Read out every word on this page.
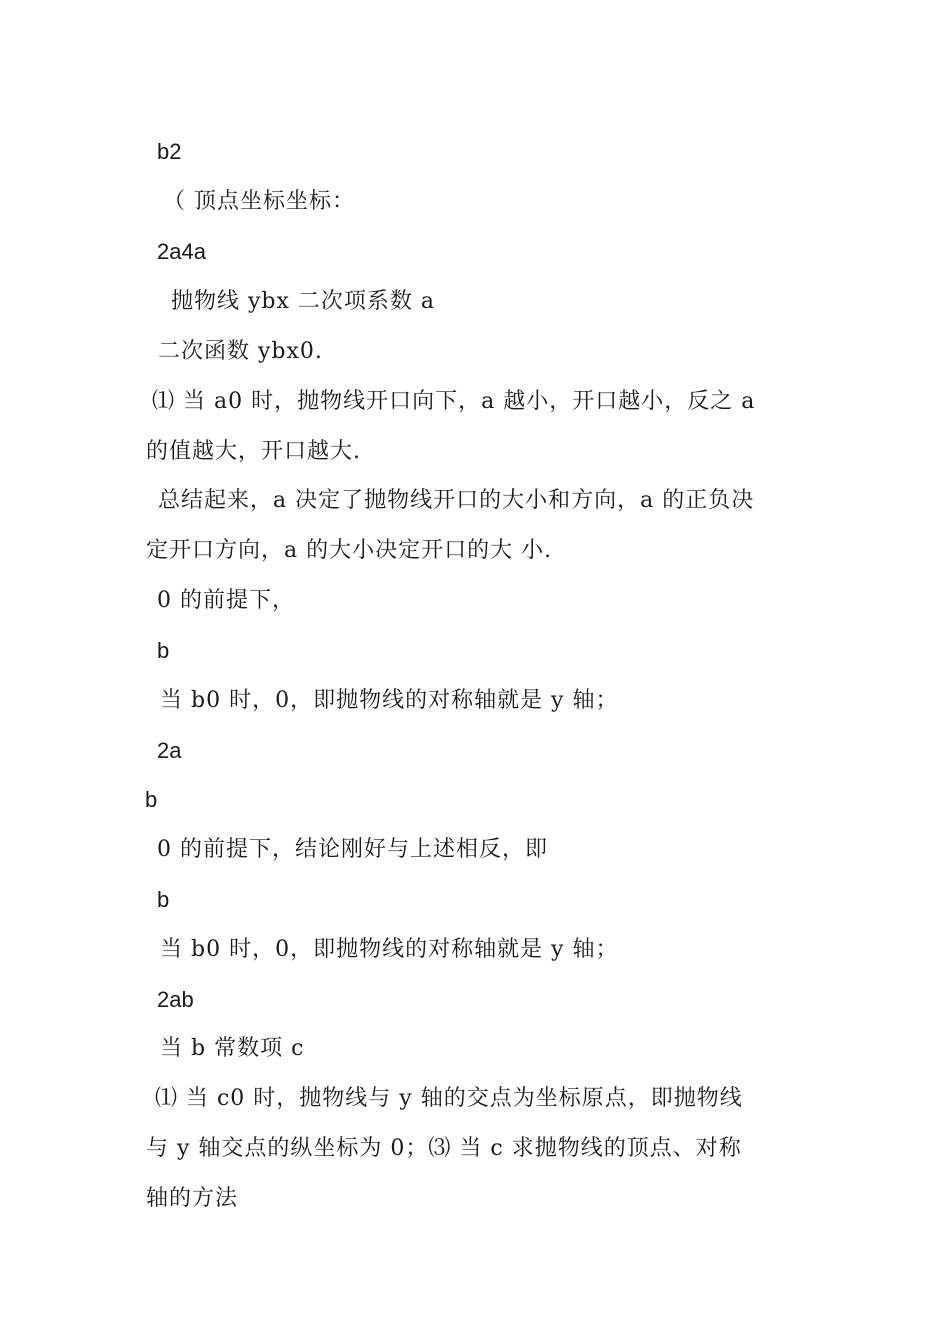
b2
（ 顶点坐标坐标：
2a4a
抛物线 ybx 二次项系数 a
二次函数 ybx0.
⑴ 当 a0 时，抛物线开口向下，a 越小，开口越小，反之 a
的值越大，开口越大.
总结起来，a 决定了抛物线开口的大小和方向，a 的正负决
定开口方向，a 的大小决定开口的大 小.
0 的前提下，
b
当 b0 时，0，即抛物线的对称轴就是 y 轴；
2a
b
0 的前提下，结论刚好与上述相反，即
b
当 b0 时，0，即抛物线的对称轴就是 y 轴；
2ab
当 b 常数项 c
⑴ 当 c0 时，抛物线与 y 轴的交点为坐标原点，即抛物线
与 y 轴交点的纵坐标为 0；⑶ 当 c 求抛物线的顶点、对称
轴的方法
